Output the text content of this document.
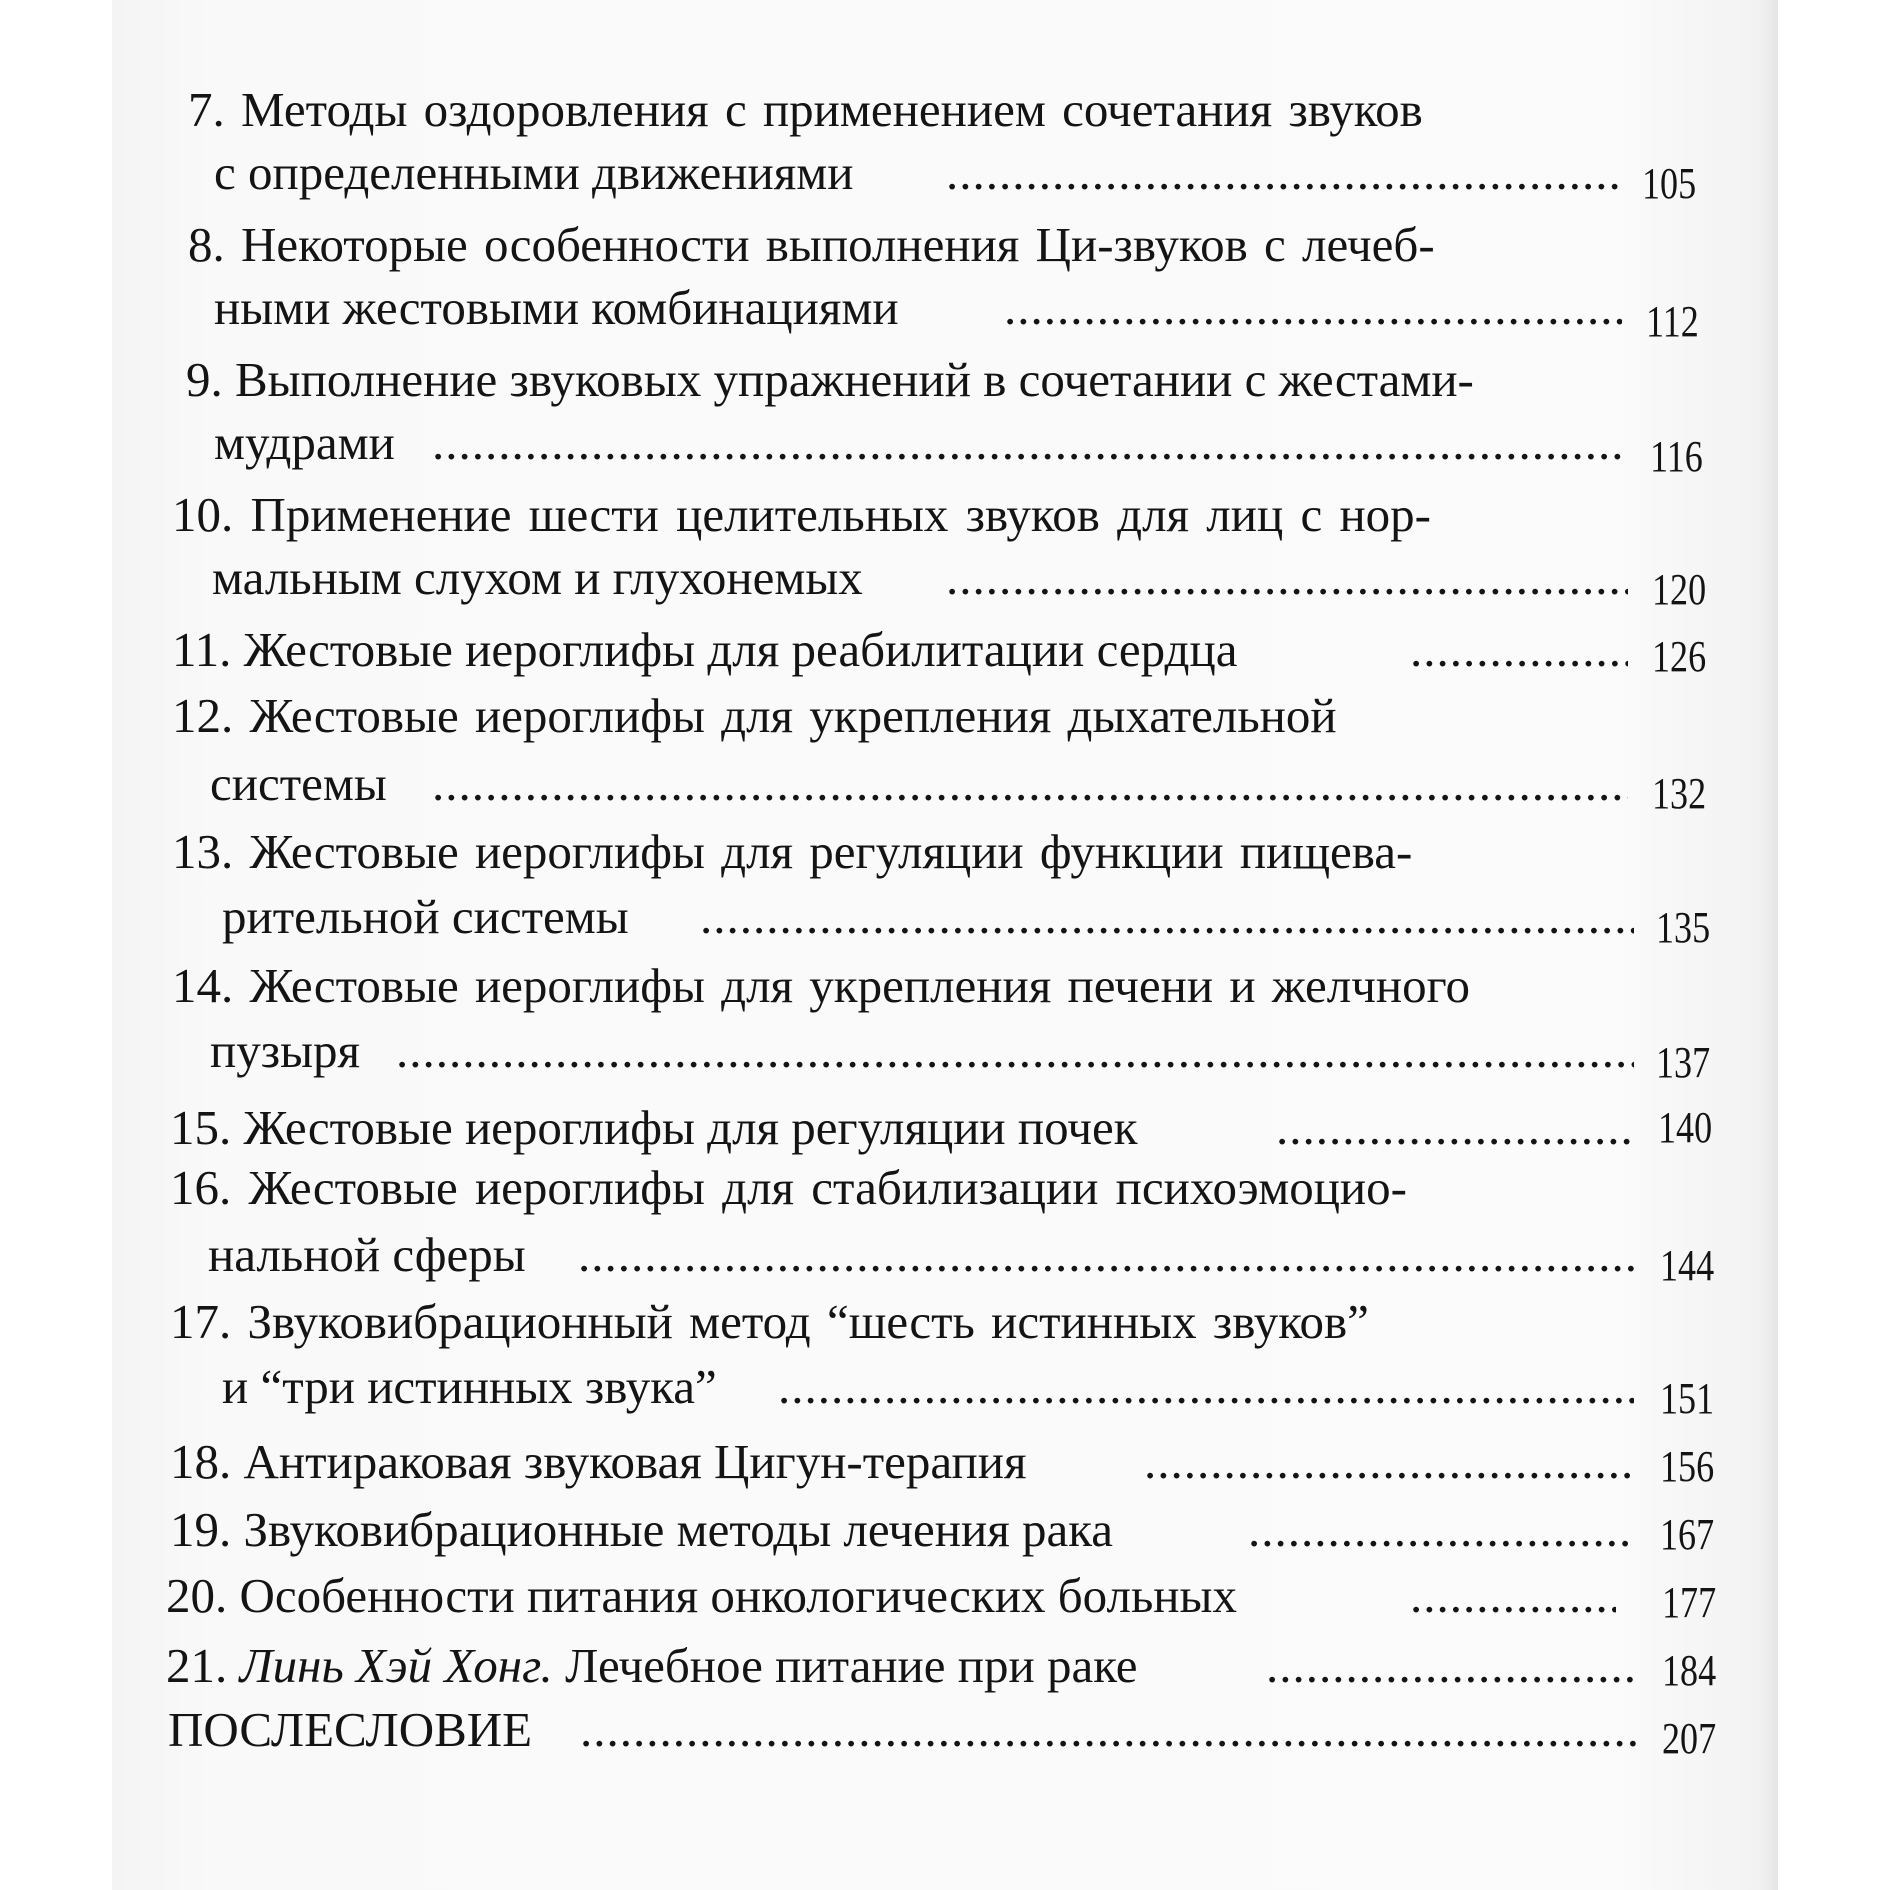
7. Методы оздоровления с применением сочетания звуков
с определенными движениями .....	105
8. Некоторые особенности выполнения Ци-звуков с лечеб-
ными жестовыми комбинациями .....	112
9. Выполнение звуковых упражнений в сочетании с жестами-
мудрами .....	116
10. Применение шести целительных звуков для лиц с нор-
мальным слухом и глухонемых .....	120
11. Жестовые иероглифы для реабилитации сердца .....	126
12. Жестовые иероглифы для укрепления дыхательной
системы .....	132
13. Жестовые иероглифы для регуляции функции пищева-
рительной системы .....	135
14. Жестовые иероглифы для укрепления печени и желчного
пузыря .....	137
15. Жестовые иероглифы для регуляции почек .....	140
16. Жестовые иероглифы для стабилизации психоэмоцио-
нальной сферы .....	144
17. Звуковибрационный метод “шесть истинных звуков”
и “три истинных звука” .....	151
18. Антираковая звуковая Цигун-терапия .....	156
19. Звуковибрационные методы лечения рака .....	167
20. Особенности питания онкологических больных .....	177
21. Линь Хэй Хонг. Лечебное питание при раке .....	184
ПОСЛЕСЛОВИЕ .....	207
